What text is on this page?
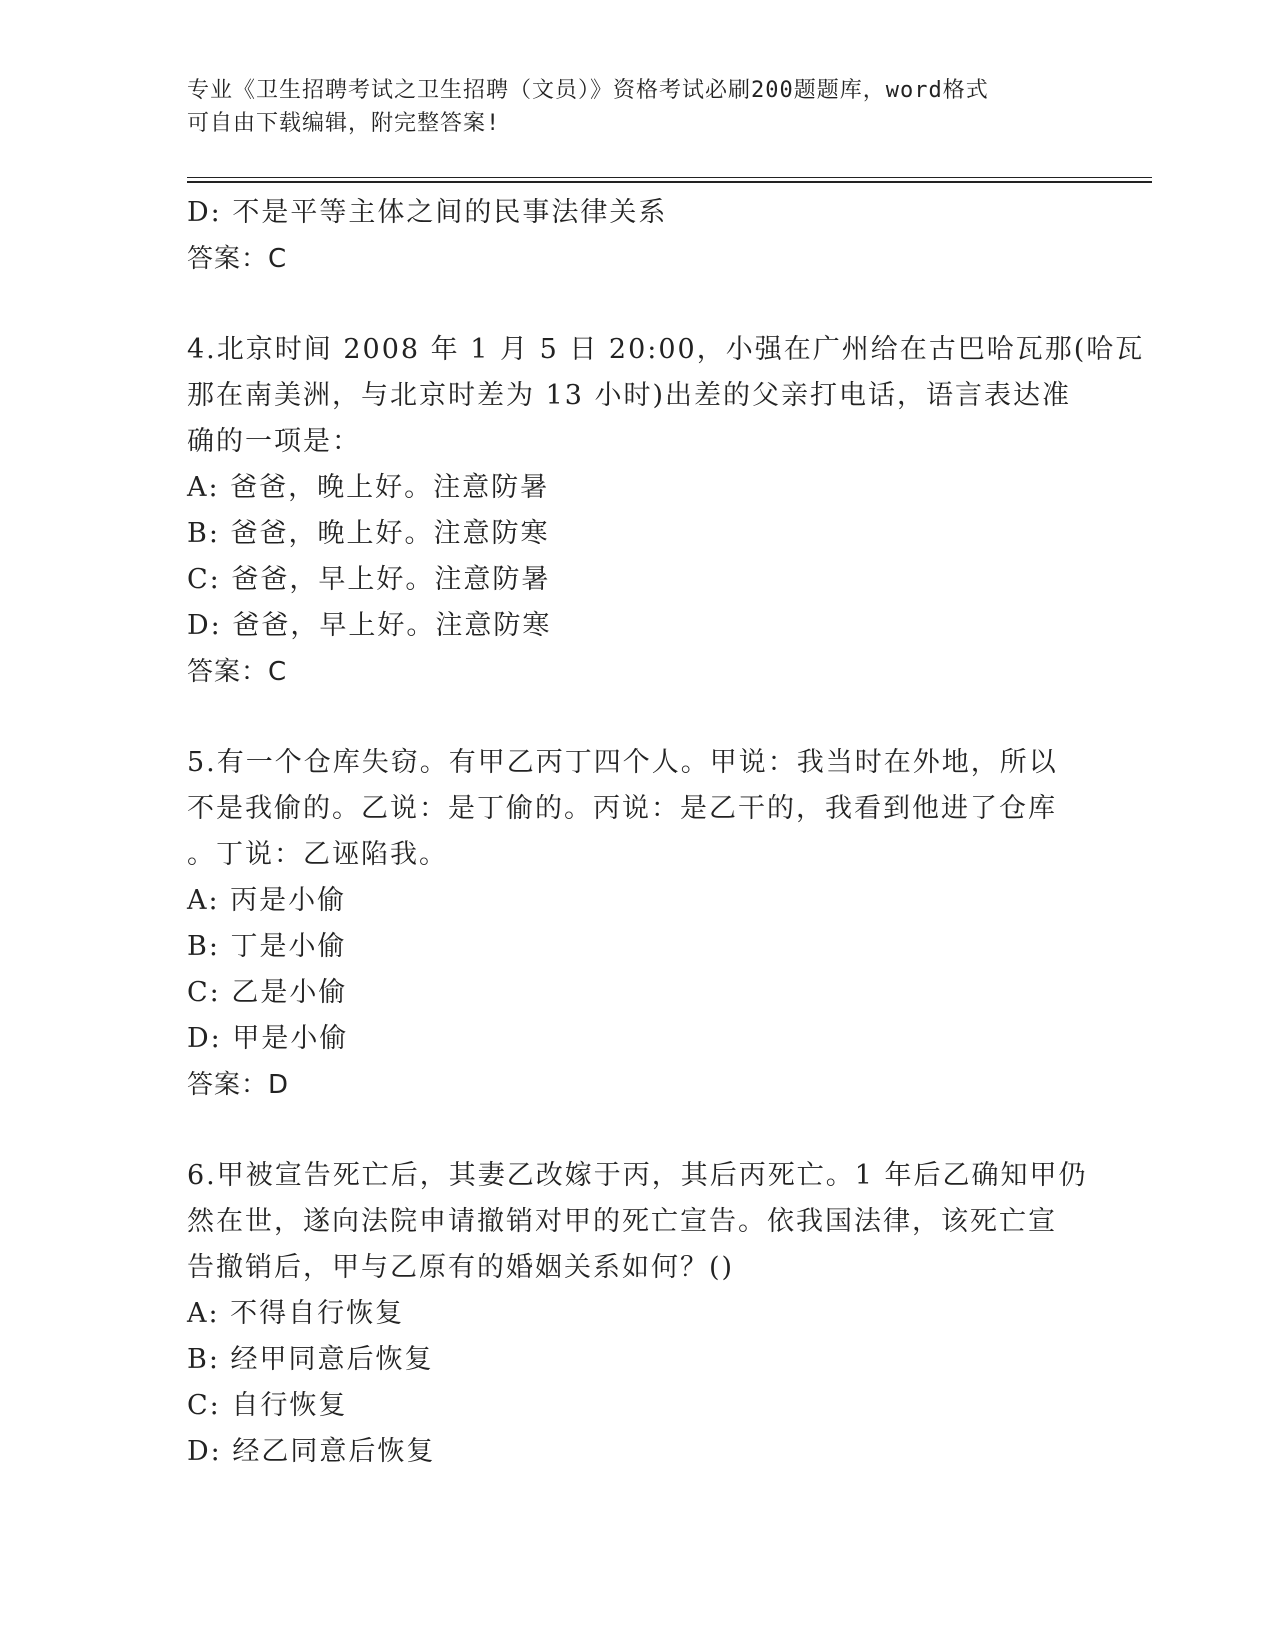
专业《卫生招聘考试之卫生招聘（文员）》资格考试必刷200题题库，word格式
可自由下载编辑，附完整答案!
D: 不是平等主体之间的民事法律关系
答案：C
4.北京时间 2008 年 1 月 5 日 20:00，小强在广州给在古巴哈瓦那(哈瓦
那在南美洲，与北京时差为 13 小时)出差的父亲打电话，语言表达准
确的一项是：
A: 爸爸，晚上好。注意防暑
B: 爸爸，晚上好。注意防寒
C: 爸爸，早上好。注意防暑
D: 爸爸，早上好。注意防寒
答案：C
5.有一个仓库失窃。有甲乙丙丁四个人。甲说：我当时在外地，所以
不是我偷的。乙说：是丁偷的。丙说：是乙干的，我看到他进了仓库
。丁说：乙诬陷我。
A: 丙是小偷
B: 丁是小偷
C: 乙是小偷
D: 甲是小偷
答案：D
6.甲被宣告死亡后，其妻乙改嫁于丙，其后丙死亡。1 年后乙确知甲仍
然在世，遂向法院申请撤销对甲的死亡宣告。依我国法律，该死亡宣
告撤销后，甲与乙原有的婚姻关系如何？()
A: 不得自行恢复
B: 经甲同意后恢复
C: 自行恢复
D: 经乙同意后恢复
